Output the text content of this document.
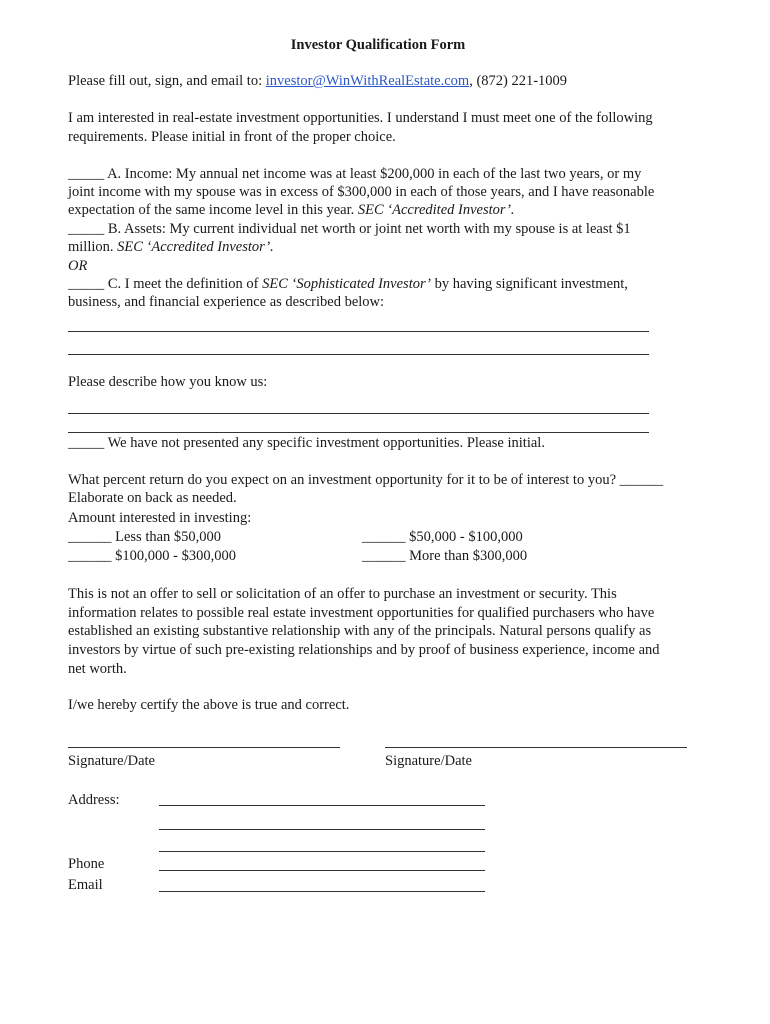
Investor Qualification Form
Please fill out, sign, and email to: investor@WinWithRealEstate.com, (872) 221-1009
I am interested in real-estate investment opportunities. I understand I must meet one of the following
requirements. Please initial in front of the proper choice.
_____ A. Income: My annual net income was at least $200,000 in each of the last two years, or my
joint income with my spouse was in excess of $300,000 in each of those years, and I have reasonable
expectation of the same income level in this year. SEC ‘Accredited Investor’.
_____ B. Assets: My current individual net worth or joint net worth with my spouse is at least $1
million. SEC ‘Accredited Investor’.
OR
_____ C. I meet the definition of SEC ‘Sophisticated Investor’ by having significant investment,
business, and financial experience as described below:
Please describe how you know us:
_____ We have not presented any specific investment opportunities. Please initial.
What percent return do you expect on an investment opportunity for it to be of interest to you? ______
Elaborate on back as needed.
Amount interested in investing:
______ Less than $50,000	______ $50,000 - $100,000
______ $100,000 - $300,000	______ More than $300,000
This is not an offer to sell or solicitation of an offer to purchase an investment or security. This
information relates to possible real estate investment opportunities for qualified purchasers who have
established an existing substantive relationship with any of the principals. Natural persons qualify as
investors by virtue of such pre-existing relationships and by proof of business experience, income and
net worth.
I/we hereby certify the above is true and correct.
Signature/Date	Signature/Date
Address:
Phone
Email
